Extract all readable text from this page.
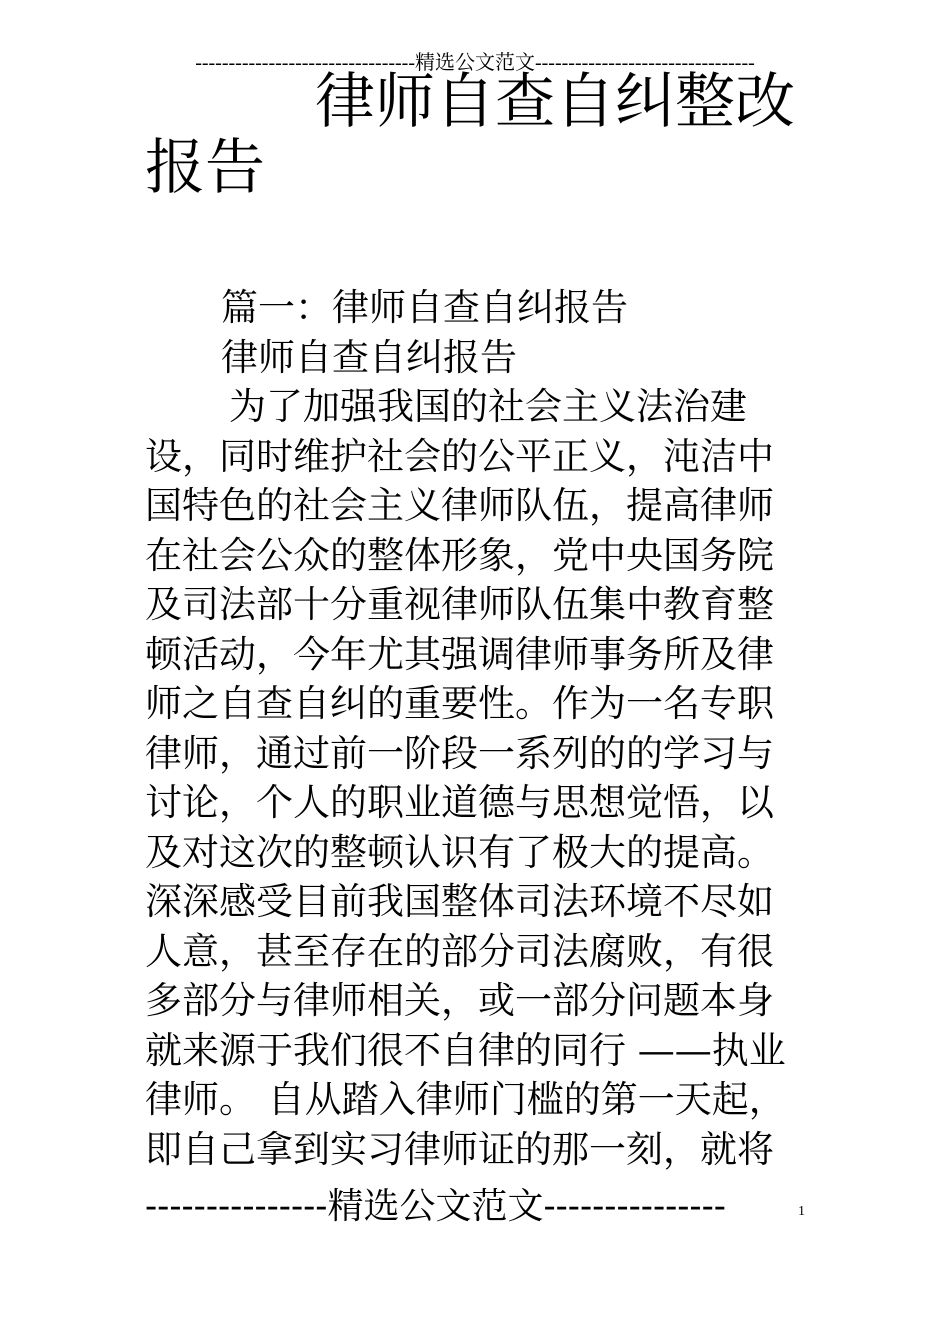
---------------------------------精选公文范文---------------------------------
律师自查自纠整改
报告
篇一：律师自查自纠报告
律师自查自纠报告
为了加强我国的社会主义法治建
设，同时维护社会的公平正义，沌洁中
国特色的社会主义律师队伍，提高律师
在社会公众的整体形象，党中央国务院
及司法部十分重视律师队伍集中教育整
顿活动，今年尤其强调律师事务所及律
师之自查自纠的重要性。作为一名专职
律师，通过前一阶段一系列的的学习与
讨论，个人的职业道德与思想觉悟，以
及对这次的整顿认识有了极大的提高。
深深感受目前我国整体司法环境不尽如
人意，甚至存在的部分司法腐败，有很
多部分与律师相关，或一部分问题本身
就来源于我们很不自律的同行 ——执业
律师。 自从踏入律师门槛的第一天起，
即自己拿到实习律师证的那一刻，就将
---------------精选公文范文---------------	1
